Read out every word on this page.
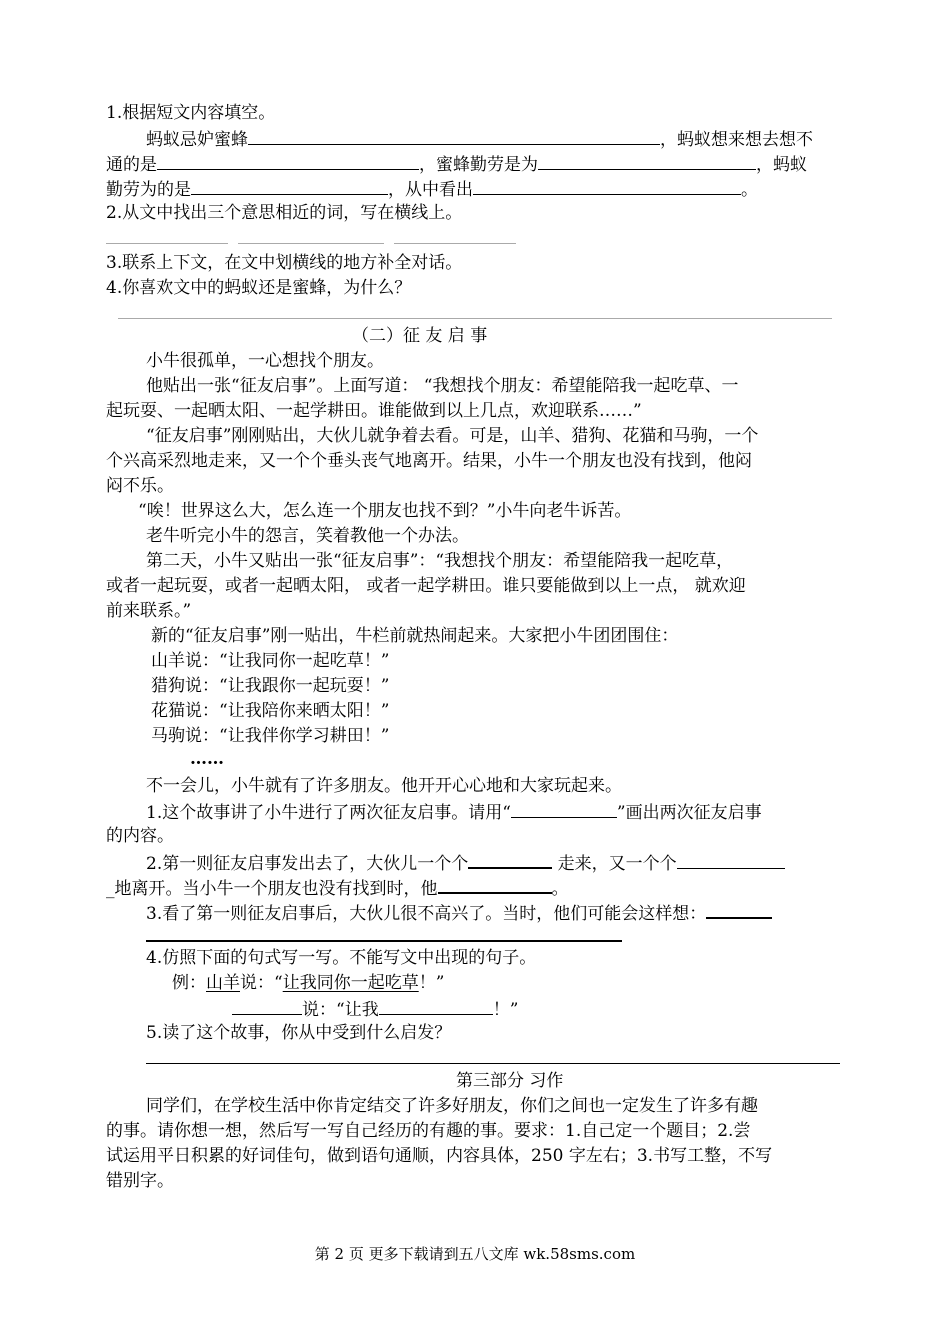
1.根据短文内容填空。
蚂蚁忌妒蜜蜂	，蚂蚁想来想去想不
通的是	，蜜蜂勤劳是为	，蚂蚁
勤劳为的是	，从中看出	。
2.从文中找出三个意思相近的词，写在横线上。
3.联系上下文，在文中划横线的地方补全对话。
4.你喜欢文中的蚂蚁还是蜜蜂，为什么？
（二）征 友 启 事
小牛很孤单，一心想找个朋友。
他贴出一张“征友启事”。上面写道： “我想找个朋友：希望能陪我一起吃草、一
起玩耍、一起晒太阳、一起学耕田。谁能做到以上几点，欢迎联系……”
“征友启事”刚刚贴出，大伙儿就争着去看。可是，山羊、猎狗、花猫和马驹，一个
个兴高采烈地走来，又一个个垂头丧气地离开。结果，小牛一个朋友也没有找到，他闷
闷不乐。
“唉！世界这么大，怎么连一个朋友也找不到？”小牛向老牛诉苦。
老牛听完小牛的怨言，笑着教他一个办法。
第二天，小牛又贴出一张“征友启事”：“我想找个朋友：希望能陪我一起吃草，
或者一起玩耍，或者一起晒太阳， 或者一起学耕田。谁只要能做到以上一点， 就欢迎
前来联系。”
新的“征友启事”刚一贴出，牛栏前就热闹起来。大家把小牛团团围住：
山羊说：“让我同你一起吃草！”
猎狗说：“让我跟你一起玩耍！”
花猫说：“让我陪你来晒太阳！”
马驹说：“让我伴你学习耕田！”
……
不一会儿，小牛就有了许多朋友。他开开心心地和大家玩起来。
1.这个故事讲了小牛进行了两次征友启事。请用“	”画出两次征友启事
的内容。
2.第一则征友启事发出去了，大伙儿一个个	走来，又一个个
_地离开。当小牛一个朋友也没有找到时，他	。
3.看了第一则征友启事后，大伙儿很不高兴了。当时，他们可能会这样想：
4.仿照下面的句式写一写。不能写文中出现的句子。
例：山羊说：“让我同你一起吃草！”
说：“让我	！”
5.读了这个故事，你从中受到什么启发？
第三部分 习作
同学们，在学校生活中你肯定结交了许多好朋友，你们之间也一定发生了许多有趣
的事。请你想一想，然后写一写自己经历的有趣的事。要求：1.自己定一个题目；2.尝
试运用平日积累的好词佳句，做到语句通顺，内容具体，250 字左右；3.书写工整，不写
错别字。
第 2 页 更多下载请到五八文库 wk.58sms.com
